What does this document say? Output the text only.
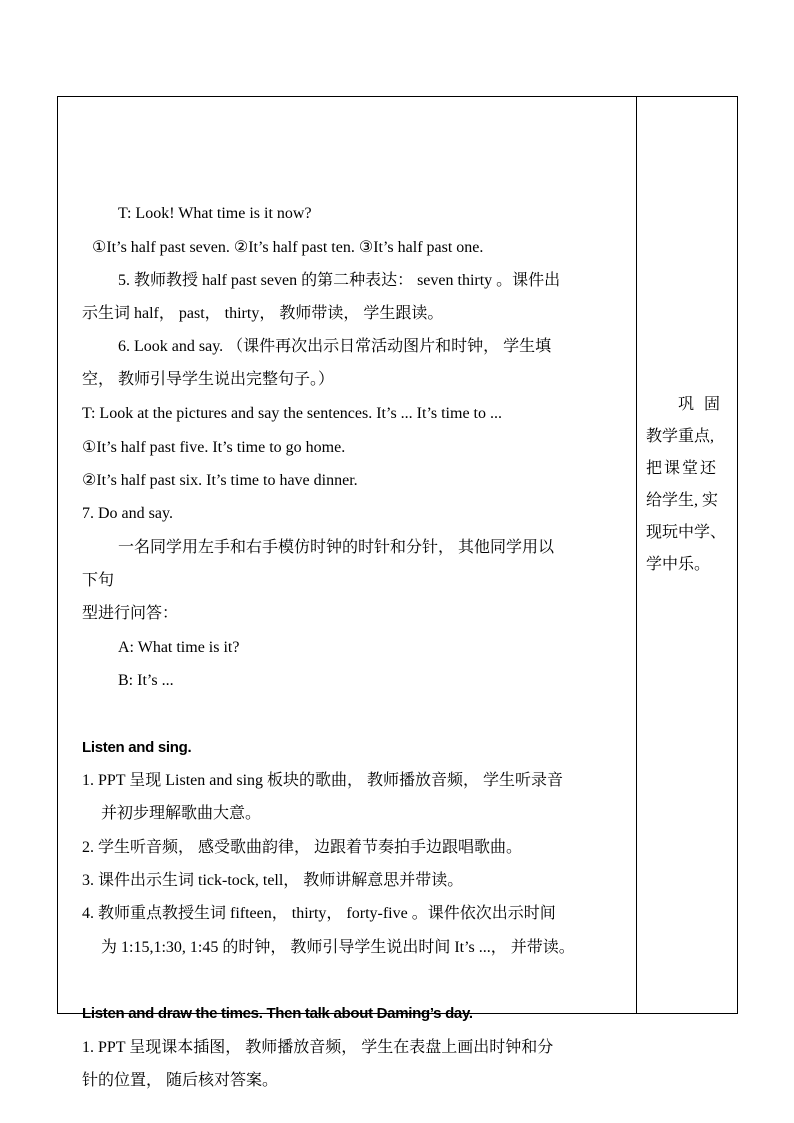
T: Look! What time is it now?
①It’s half past seven. ②It’s half past ten. ③It’s half past one.
5. 教师教授 half past seven 的第二种表达： seven thirty 。课件出
示生词 half， past， thirty， 教师带读， 学生跟读。
6. Look and say. （课件再次出示日常活动图片和时钟， 学生填
空， 教师引导学生说出完整句子。）
T: Look at the pictures and say the sentences. It’s ... It’s time to ...
①It’s half past five. It’s time to go home.
②It’s half past six. It’s time to have dinner.
7. Do and say.
一名同学用左手和右手模仿时钟的时针和分针， 其他同学用以
下句
型进行问答：
A: What time is it?
B: It’s ...
Listen and sing.
1. PPT 呈现 Listen and sing 板块的歌曲， 教师播放音频， 学生听录音
并初步理解歌曲大意。
2. 学生听音频， 感受歌曲韵律， 边跟着节奏拍手边跟唱歌曲。
3. 课件出示生词 tick-tock, tell， 教师讲解意思并带读。
4. 教师重点教授生词 fifteen， thirty， forty-five 。课件依次出示时间
为 1:15,1:30, 1:45 的时钟， 教师引导学生说出时间 It’s ...， 并带读。
Listen and draw the times. Then talk about Daming’s day.
1. PPT 呈现课本插图， 教师播放音频， 学生在表盘上画出时钟和分
针的位置， 随后核对答案。
巩固
教学重点,
把课堂还
给学生, 实
现玩中学、
学中乐。
